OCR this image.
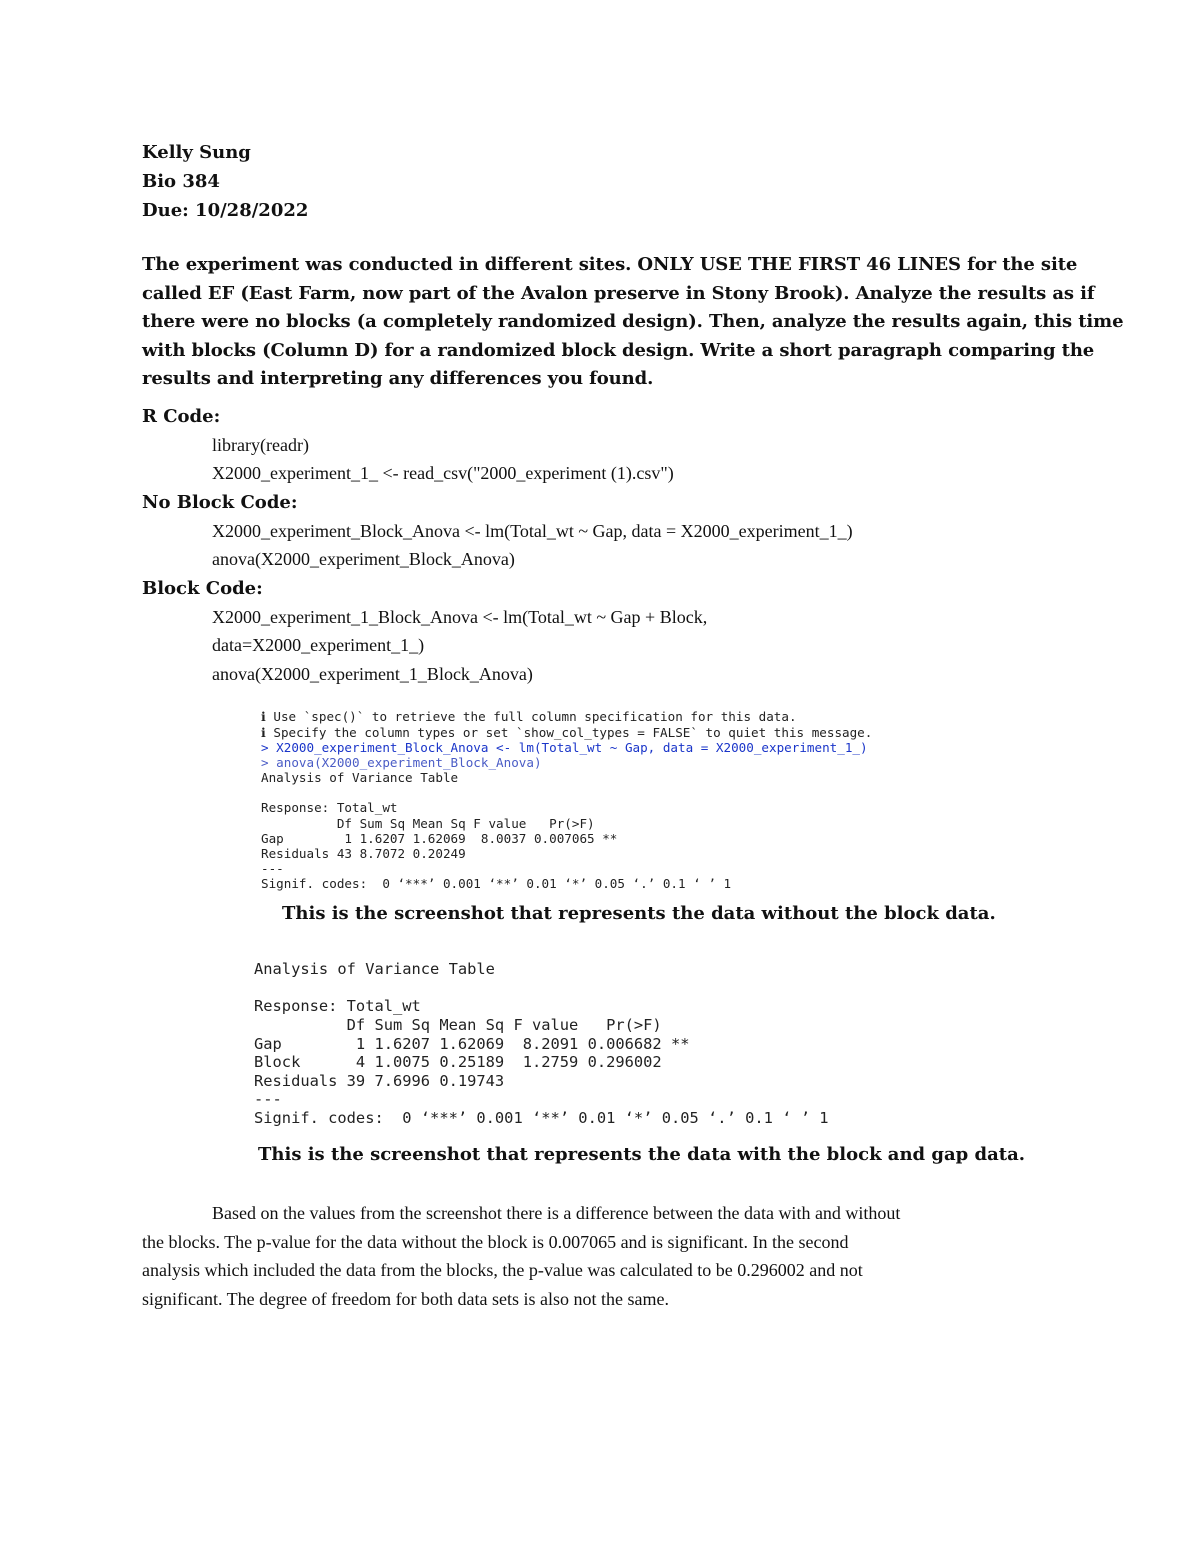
Kelly Sung
Bio 384
Due: 10/28/2022
The experiment was conducted in different sites. ONLY USE THE FIRST 46 LINES for the site
called EF (East Farm, now part of the Avalon preserve in Stony Brook). Analyze the results as if
there were no blocks (a completely randomized design). Then, analyze the results again, this time
with blocks (Column D) for a randomized block design. Write a short paragraph comparing the
results and interpreting any differences you found.
R Code:
library(readr)
X2000_experiment_1_ <- read_csv("2000_experiment (1).csv")
No Block Code:
X2000_experiment_Block_Anova <- lm(Total_wt ~ Gap, data = X2000_experiment_1_)
anova(X2000_experiment_Block_Anova)
Block Code:
X2000_experiment_1_Block_Anova <- lm(Total_wt ~ Gap + Block,
data=X2000_experiment_1_)
anova(X2000_experiment_1_Block_Anova)
ℹ Use `spec()` to retrieve the full column specification for this data.
ℹ Specify the column types or set `show_col_types = FALSE` to quiet this message.
> X2000_experiment_Block_Anova <- lm(Total_wt ~ Gap, data = X2000_experiment_1_)
> anova(X2000_experiment_Block_Anova)
Analysis of Variance Table
Response: Total_wt
Df Sum Sq Mean Sq F value   Pr(>F)
Gap        1 1.6207 1.62069  8.0037 0.007065 **
Residuals 43 8.7072 0.20249
---
Signif. codes:  0 ‘***’ 0.001 ‘**’ 0.01 ‘*’ 0.05 ‘.’ 0.1 ‘ ’ 1
This is the screenshot that represents the data without the block data.
Analysis of Variance Table
Response: Total_wt
Df Sum Sq Mean Sq F value   Pr(>F)
Gap        1 1.6207 1.62069  8.2091 0.006682 **
Block      4 1.0075 0.25189  1.2759 0.296002
Residuals 39 7.6996 0.19743
---
Signif. codes:  0 ‘***’ 0.001 ‘**’ 0.01 ‘*’ 0.05 ‘.’ 0.1 ‘ ’ 1
This is the screenshot that represents the data with the block and gap data.
Based on the values from the screenshot there is a difference between the data with and without
the blocks. The p-value for the data without the block is 0.007065 and is significant. In the second
analysis which included the data from the blocks, the p-value was calculated to be 0.296002 and not
significant. The degree of freedom for both data sets is also not the same.
